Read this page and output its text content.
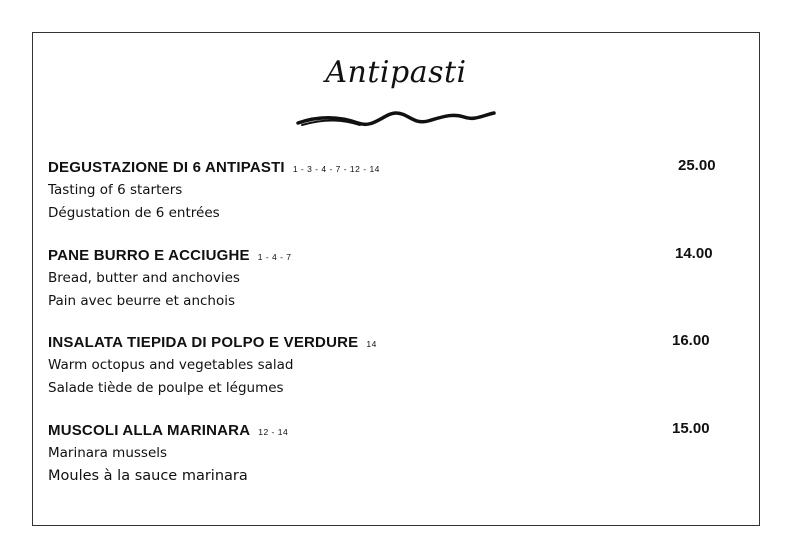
Antipasti
DEGUSTAZIONE DI 6 ANTIPASTI 1 - 3 - 4 - 7 - 12 - 14	25.00
Tasting of 6 starters
Dégustation de 6 entrées
PANE BURRO E ACCIUGHE 1 - 4 - 7	14.00
Bread, butter and anchovies
Pain avec beurre et anchois
INSALATA TIEPIDA DI POLPO E VERDURE 14	16.00
Warm octopus and vegetables salad
Salade tiède de poulpe et légumes
MUSCOLI ALLA MARINARA 12 - 14	15.00
Marinara mussels
Moules à la sauce marinara
